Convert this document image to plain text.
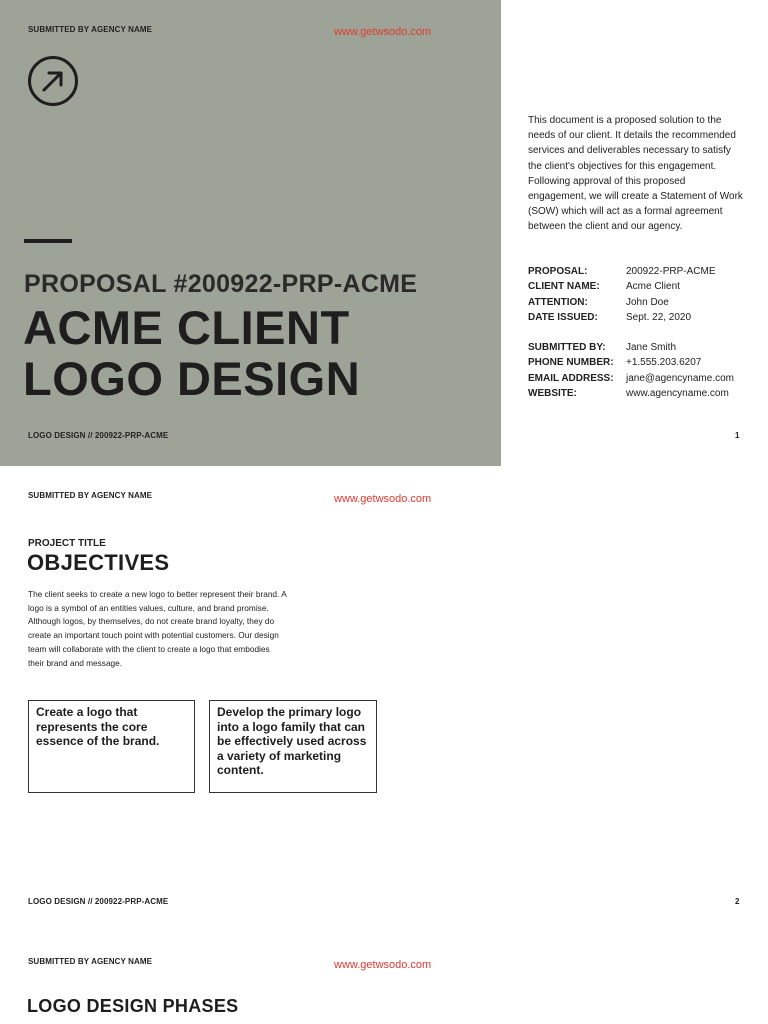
SUBMITTED BY AGENCY NAME	www.getwsodo.com
PROPOSAL #200922-PRP-ACME
ACME CLIENT
LOGO DESIGN
LOGO DESIGN // 200922-PRP-ACME
This document is a proposed solution to the needs of our client. It details the recommended services and deliverables necessary to satisfy the client's objectives for this engagement. Following approval of this proposed engagement, we will create a Statement of Work (SOW) which will act as a formal agreement between the client and our agency.
PROPOSAL:	200922-PRP-ACME
CLIENT NAME:	Acme Client
ATTENTION:	John Doe
DATE ISSUED:	Sept. 22, 2020
SUBMITTED BY:	Jane Smith
PHONE NUMBER:	+1.555.203.6207
EMAIL ADDRESS:	jane@agencyname.com
WEBSITE:	www.agencyname.com
1
SUBMITTED BY AGENCY NAME	www.getwsodo.com
PROJECT TITLE
OBJECTIVES
The client seeks to create a new logo to better represent their brand. A logo is a symbol of an entities values, culture, and brand promise. Although logos, by themselves, do not create brand loyalty, they do create an important touch point with potential customers. Our design team will collaborate with the client to create a logo that embodies their brand and message.
Create a logo that represents the core essence of the brand.
Develop the primary logo into a logo family that can be effectively used across a variety of marketing content.
LOGO DESIGN // 200922-PRP-ACME	2
SUBMITTED BY AGENCY NAME	www.getwsodo.com
LOGO DESIGN PHASES
